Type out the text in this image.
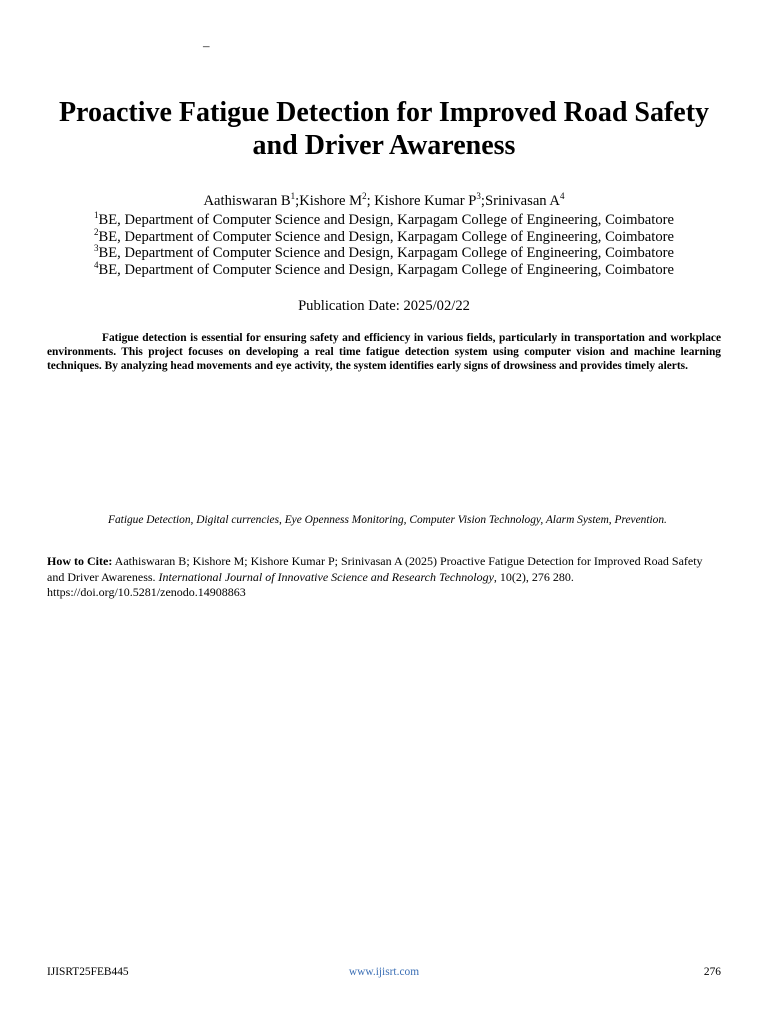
–
Proactive Fatigue Detection for Improved Road Safety and Driver Awareness

Aathiswaran $B^1;Kishore$ $M^2$; Kishore Kumar $P^3;Srinivasan$ $A^4$

$^1$BE, Department of Computer Science and Design, Karpagam College of Engineering, Coimbatore
$^2$BE, Department of Computer Science and Design, Karpagam College of Engineering, Coimbatore
$^3$BE, Department of Computer Science and Design, Karpagam College of Engineering, Coimbatore
$^4$BE, Department of Computer Science and Design, Karpagam College of Engineering, Coimbatore

Publication Date: 2025/02/22

Fatigue detection is essential for ensuring safety and efficiency in various fields, particularly in transportation and workplace environments. This project focuses on developing a real time fatigue detection system using computer vision and machine learning techniques. By analyzing head movements and eye activity, the system identifies early signs of drowsiness and provides timely alerts.

Fatigue Detection, Digital currencies, Eye Openness Monitoring, Computer Vision Technology, Alarm System, Prevention.

How to Cite: Aathiswaran B; Kishore M; Kishore Kumar P; Srinivasan A (2025) Proactive Fatigue Detection for Improved Road Safety and Driver Awareness. International Journal of Innovative Science and Research Technology, 10(2), 276 280.
https://doi.org/10.5281/zenodo.14908863

IJISRT25FEB445	www.ijisrt.com	276
